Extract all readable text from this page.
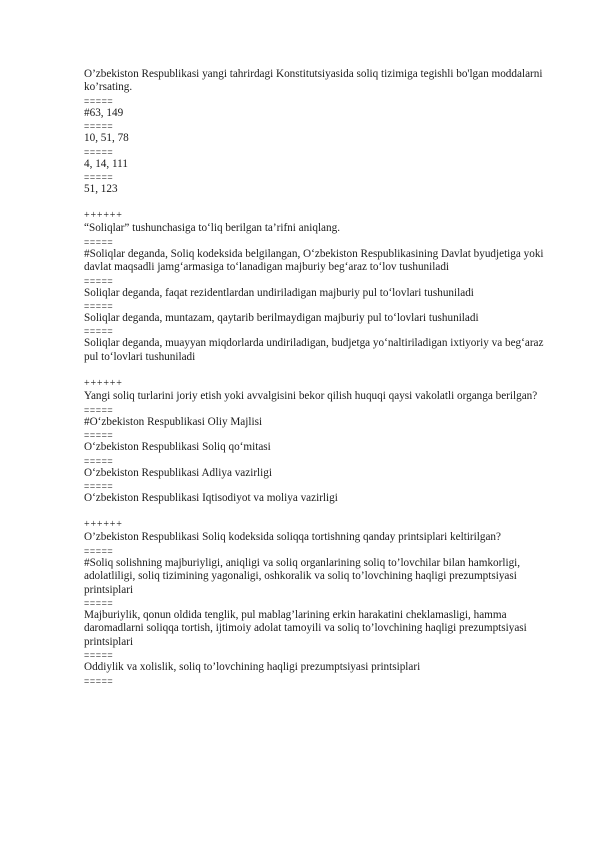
O’zbekiston Respublikasi yangi tahrirdagi Konstitutsiyasida soliq tizimiga tegishli bo'lgan moddalarni ko’rsating.
=====
#63, 149
=====
10, 51, 78
=====
4, 14, 111
=====
51, 123
++++++
“Soliqlar” tushunchasiga to‘liq berilgan ta’rifni aniqlang.
=====
#Soliqlar deganda, Soliq kodeksida belgilangan, O‘zbekiston Respublikasining Davlat byudjetiga yoki davlat maqsadli jamg‘armasiga to‘lanadigan majburiy beg‘araz to‘lov tushuniladi
=====
Soliqlar deganda, faqat rezidentlardan undiriladigan majburiy pul to‘lovlari tushuniladi
=====
Soliqlar deganda, muntazam, qaytarib berilmaydigan majburiy pul to‘lovlari tushuniladi
=====
Soliqlar deganda, muayyan miqdorlarda undiriladigan, budjetga yo‘naltiriladigan ixtiyoriy va beg‘araz pul to‘lovlari tushuniladi
++++++
Yangi soliq turlarini joriy etish yoki avvalgisini bekor qilish huquqi qaysi vakolatli organga berilgan?
=====
#O‘zbekiston Respublikasi Oliy Majlisi
=====
O‘zbekiston Respublikasi Soliq qo‘mitasi
=====
O‘zbekiston Respublikasi Adliya vazirligi
=====
O‘zbekiston Respublikasi Iqtisodiyot va moliya vazirligi
++++++
O’zbekiston Respublikasi Soliq kodeksida soliqqa tortishning qanday printsiplari keltirilgan?
=====
#Soliq solishning majburiyligi, aniqligi va soliq organlarining soliq to’lovchilar bilan hamkorligi, adolatliligi, soliq tizimining yagonaligi, oshkoralik va soliq to’lovchining haqligi prezumptsiyasi printsiplari
=====
Majburiylik, qonun oldida tenglik, pul mablag’larining erkin harakatini cheklamasligi, hamma daromadlarni soliqqa tortish, ijtimoiy adolat tamoyili va soliq to’lovchining haqligi prezumptsiyasi printsiplari
=====
Oddiylik va xolislik, soliq to’lovchining haqligi prezumptsiyasi printsiplari
=====
